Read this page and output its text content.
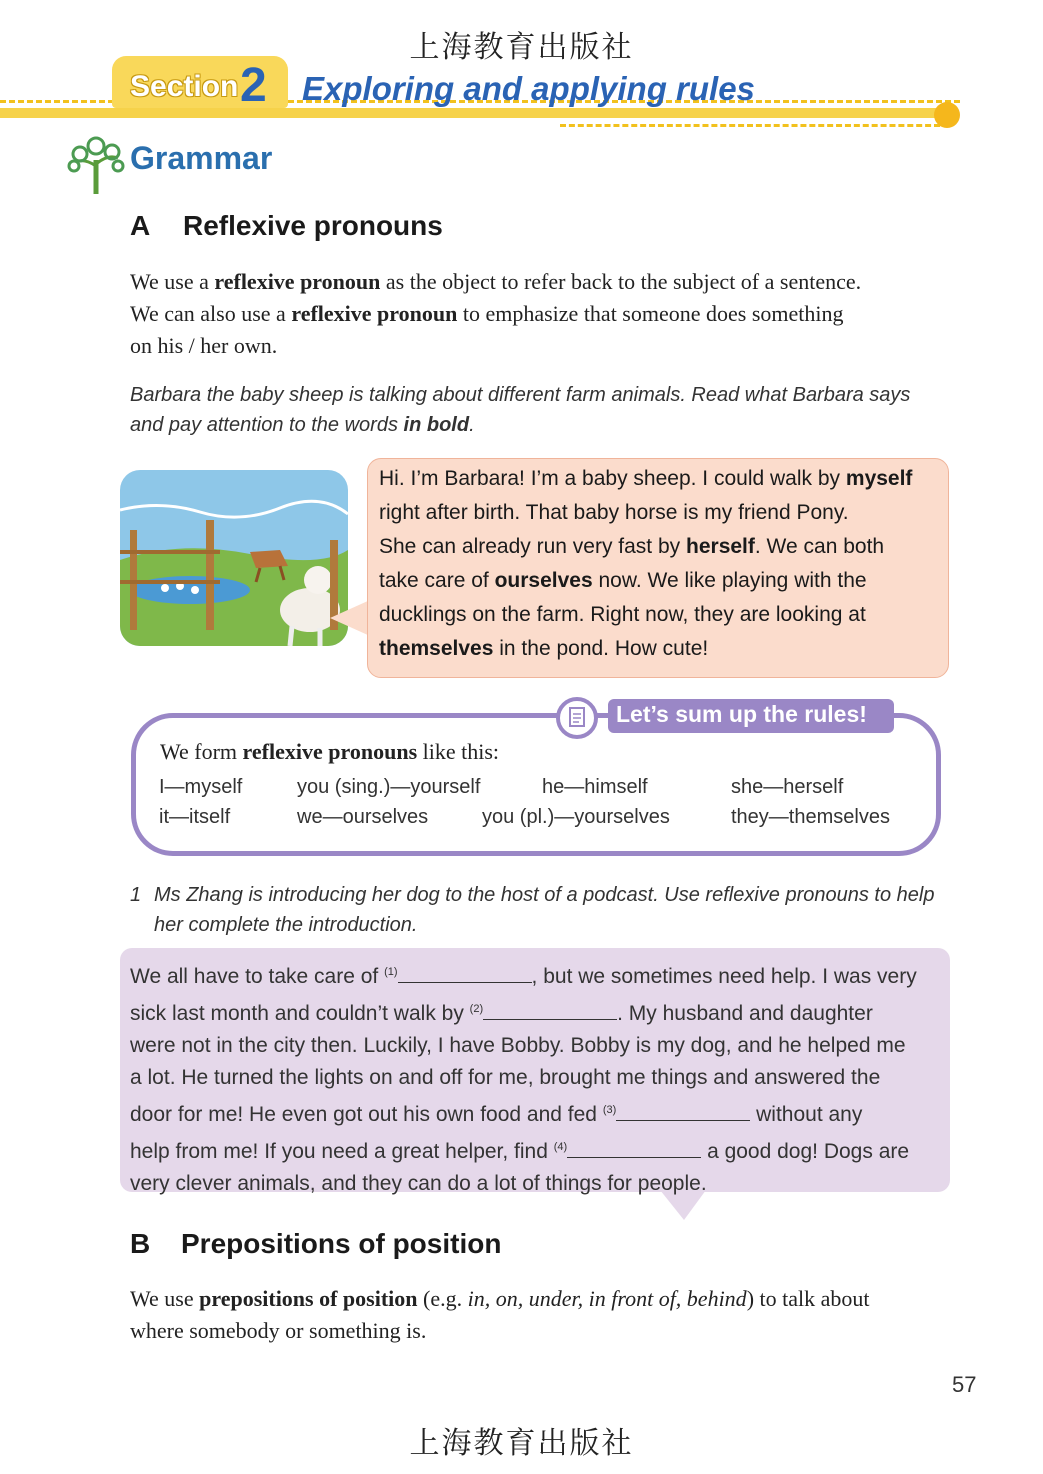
上海教育出版社
Section 2 Exploring and applying rules
Grammar
A Reflexive pronouns
We use a reflexive pronoun as the object to refer back to the subject of a sentence.
We can also use a reflexive pronoun to emphasize that someone does something
on his / her own.
Barbara the baby sheep is talking about different farm animals. Read what Barbara says
and pay attention to the words in bold.
Hi. I’m Barbara! I’m a baby sheep. I could walk by myself
right after birth. That baby horse is my friend Pony.
She can already run very fast by herself. We can both
take care of ourselves now. We like playing with the
ducklings on the farm. Right now, they are looking at
themselves in the pond. How cute!
Let’s sum up the rules!
We form reflexive pronouns like this:
I—myself	you (sing.)—yourself	he—himself	she—herself
it—itself	we—ourselves	you (pl.)—yourselves	they—themselves
1 Ms Zhang is introducing her dog to the host of a podcast. Use reflexive pronouns to help
her complete the introduction.
We all have to take care of $^{(1)}$	, but we sometimes need help. I was very
sick last month and couldn’t walk by $^{(2)}$	. My husband and daughter
were not in the city then. Luckily, I have Bobby. Bobby is my dog, and he helped me
a lot. He turned the lights on and off for me, brought me things and answered the
door for me! He even got out his own food and fed $^{(3)}$	without any
help from me! If you need a great helper, find $^{(4)}$	a good dog! Dogs are
very clever animals, and they can do a lot of things for people.
B Prepositions of position
We use prepositions of position (e.g. in, on, under, in front of, behind) to talk about
where somebody or something is.
57
上海教育出版社
